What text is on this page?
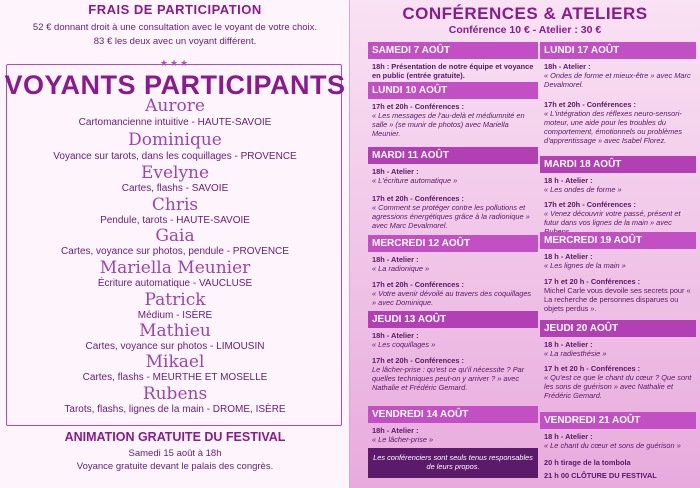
FRAIS DE PARTICIPATION
52 € donnant droit à une consultation avec le voyant de votre choix.
83 € les deux avec un voyant différent.
★★★
VOYANTS PARTICIPANTS
Aurore
Cartomancienne intuitive - HAUTE-SAVOIE
Dominique
Voyance sur tarots, dans les coquillages - PROVENCE
Evelyne
Cartes, flashs - SAVOIE
Chris
Pendule, tarots - HAUTE-SAVOIE
Gaia
Cartes, voyance sur photos, pendule - PROVENCE
Mariella Meunier
Écriture automatique - VAUCLUSE
Patrick
Médium - ISÈRE
Mathieu
Cartes, voyance sur photos - LIMOUSIN
Mikael
Cartes, flashs - MEURTHE ET MOSELLE
Rubens
Tarots, flashs, lignes de la main - DROME, ISÈRE
ANIMATION GRATUITE DU FESTIVAL
Samedi 15 août à 18h
Voyance gratuite devant le palais des congrès.
CONFÉRENCES & ATELIERS
Conférence 10 € - Atelier : 30 €
SAMEDI 7 AOÛT
18h : Présentation de notre équipe et voyance en public (entrée gratuite).
LUNDI 10 AOÛT
17h et 20h - Conférences :
« Les messages de l'au-delà et médiumnité en salle » (se munir de photos) avec Mariella Meunier.
MARDI 11 AOÛT
18h - Atelier :
« L'écriture automatique »
17h et 20h - Conférences :
« Comment se protéger contre les pollutions et agressions énergétiques grâce à la radionique » avec Marc Devalmorel.
MERCREDI 12 AOÛT
18h - Atelier :
« La radionique »
17h et 20h - Conférences :
« Votre avenir dévoilé au travers des coquillages » avec Dominique.
JEUDI 13 AOÛT
18h - Atelier :
« Les coquillages »
17h et 20h - Conférences :
Le lâcher-prise : qu'est ce qu'il nécessite ? Par quelles techniques peut-on y arriver ? » avec Nathalie et Frédéric Gemard.
VENDREDI 14 AOÛT
18h - Atelier :
« Le lâcher-prise »
Les conférenciers sont seuls tenus responsables de leurs propos.
LUNDI 17 AOÛT
18h - Atelier :
« Ondes de forme et mieux-être » avec Marc Devalmorel.
17h et 20h - Conférences :
« L'intégration des réflexes neuro-sensori-moteur, une aide pour les troubles du comportement, émotionnels ou problèmes d'apprentissage » avec Isabel Florez.
MARDI 18 AOÛT
18 h - Atelier :
« Les ondes de forme »
17h et 20h - Conférences :
« Venez découvrir votre passé, présent et futur dans vos lignes de la main » avec
MERCREDI 19 AOÛT
18 h - Atelier :
« Les lignes de la main »
17 h et 20 h - Conférences :
Michel Carle vous devoile ses secrets pour « La recherche de personnes disparues ou objets perdus ».
JEUDI 20 AOÛT
18 h - Atelier :
« La radiesthésie »
17 h et 20 h - Conférences :
« Qu'est ce que le chant du cœur ? Que sont les sons de guérison » avec Nathalie et Frédéric Gemard.
VENDREDI 21 AOÛT
18 h - Atelier :
« Le chant du cœur et sons de guérison »
20 h tirage de la tombola
21 h 00 CLÔTURE DU FESTIVAL
